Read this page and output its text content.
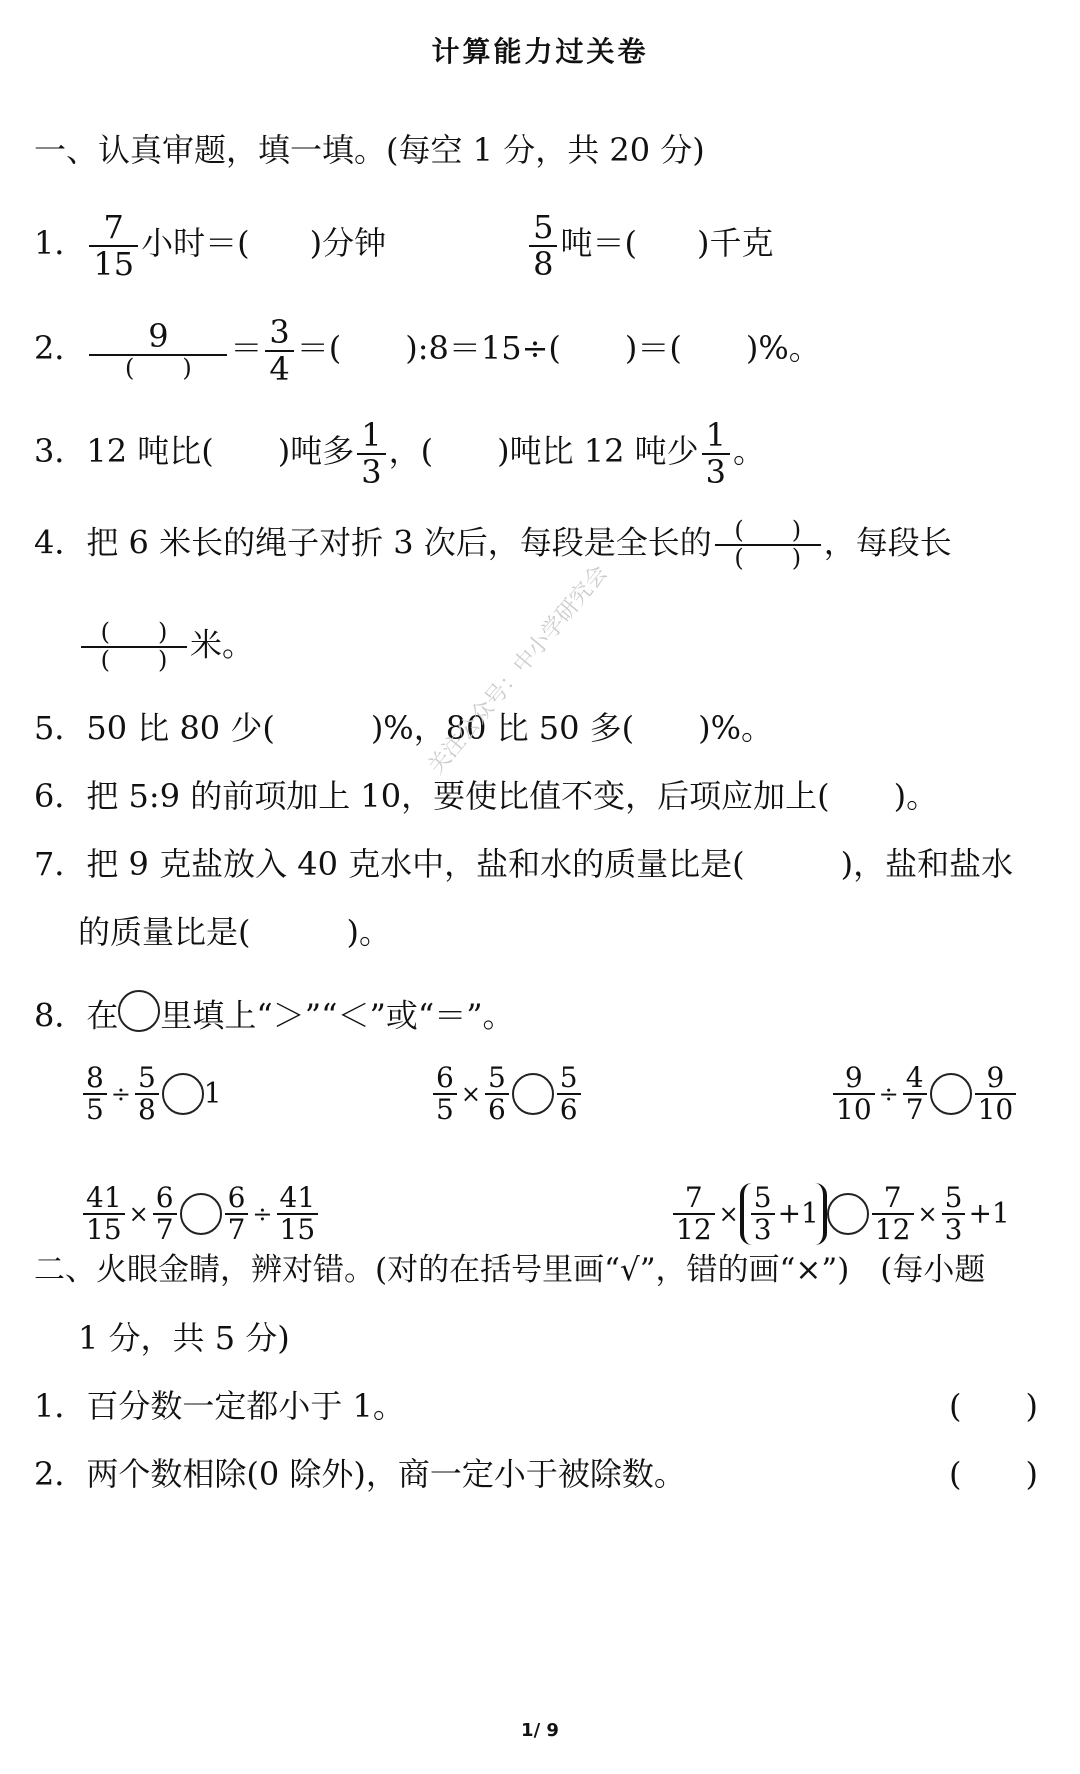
计算能力过关卷
一、认真审题，填一填。(每空 1 分，共 20 分)
1． $\frac{7}{15}$ 小时＝( )分钟	$\frac{5}{8}$ 吨＝( )千克
2． $\frac{9}{( )} = \frac{3}{4}$ ＝(　　):8＝15÷(　　)＝(　　)%。
3．12 吨比(　　)吨多 $\frac{1}{3}$ ，(　　)吨比 12 吨少 $\frac{1}{3}$ 。
4．把 6 米长的绳子对折 3 次后，每段是全长的 $\frac{( )}{( )}$ ，每段长
$\frac{( )}{( )}$ 米。
5．50 比 80 少(　　　)%，80 比 50 多(　　)%。
6．把 5:9 的前项加上 10，要使比值不变，后项应加上(　　)。
7．把 9 克盐放入 40 克水中，盐和水的质量比是(　　　)，盐和盐水
的质量比是(　　　)。
8．在 里填上“＞”“＜”或“＝”。
$\frac{8}{5} \div \frac{5}{8} 1$	$\frac{6}{5} \times \frac{5}{6} \frac{5}{6}$	$\frac{9}{10} \div \frac{4}{7} \frac{9}{10}$
$\frac{41}{15} \times \frac{6}{7} \frac{6}{7} \div \frac{41}{15}$	$\frac{7}{12} \times \frac{5}{3} +1 \frac{7}{12} \times \frac{5}{3} +1$
二、火眼金睛，辨对错。(对的在括号里画“√”，错的画“×”)　(每小题
1 分，共 5 分)
1．百分数一定都小于 1。	(　　)
2．两个数相除(0 除外)，商一定小于被除数。	(　　)
关注公众号：中小学研究会
1/ 9
